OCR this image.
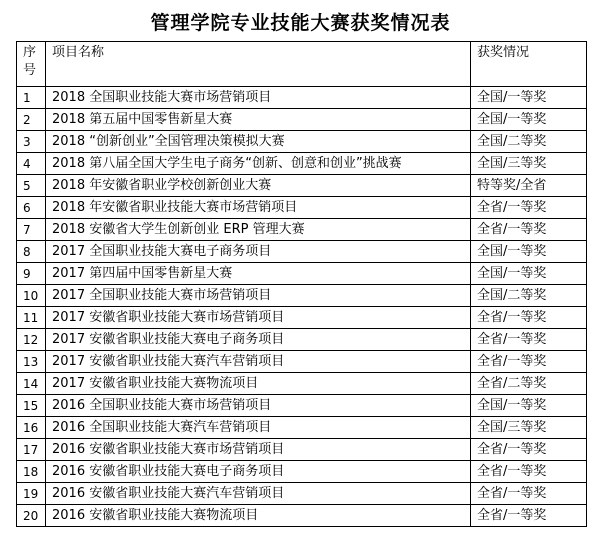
管理学院专业技能大赛获奖情况表
序
号	项目名称	获奖情况
1	2018 全国职业技能大赛市场营销项目	全国/一等奖
2	2018 第五届中国零售新星大赛	全国/一等奖
3	2018 “创新创业”全国管理决策模拟大赛	全国/二等奖
4	2018 第八届全国大学生电子商务“创新、创意和创业”挑战赛	全国/三等奖
5	2018 年安徽省职业学校创新创业大赛	特等奖/全省
6	2018 年安徽省职业技能大赛市场营销项目	全省/一等奖
7	2018 安徽省大学生创新创业 ERP 管理大赛	全省/一等奖
8	2017 全国职业技能大赛电子商务项目	全国/一等奖
9	2017 第四届中国零售新星大赛	全国/一等奖
10	2017 全国职业技能大赛市场营销项目	全国/二等奖
11	2017 安徽省职业技能大赛市场营销项目	全省/一等奖
12	2017 安徽省职业技能大赛电子商务项目	全省/一等奖
13	2017 安徽省职业技能大赛汽车营销项目	全省/一等奖
14	2017 安徽省职业技能大赛物流项目	全省/二等奖
15	2016 全国职业技能大赛市场营销项目	全国/一等奖
16	2016 全国职业技能大赛汽车营销项目	全国/三等奖
17	2016 安徽省职业技能大赛市场营销项目	全省/一等奖
18	2016 安徽省职业技能大赛电子商务项目	全省/一等奖
19	2016 安徽省职业技能大赛汽车营销项目	全省/一等奖
20	2016 安徽省职业技能大赛物流项目	全省/一等奖
